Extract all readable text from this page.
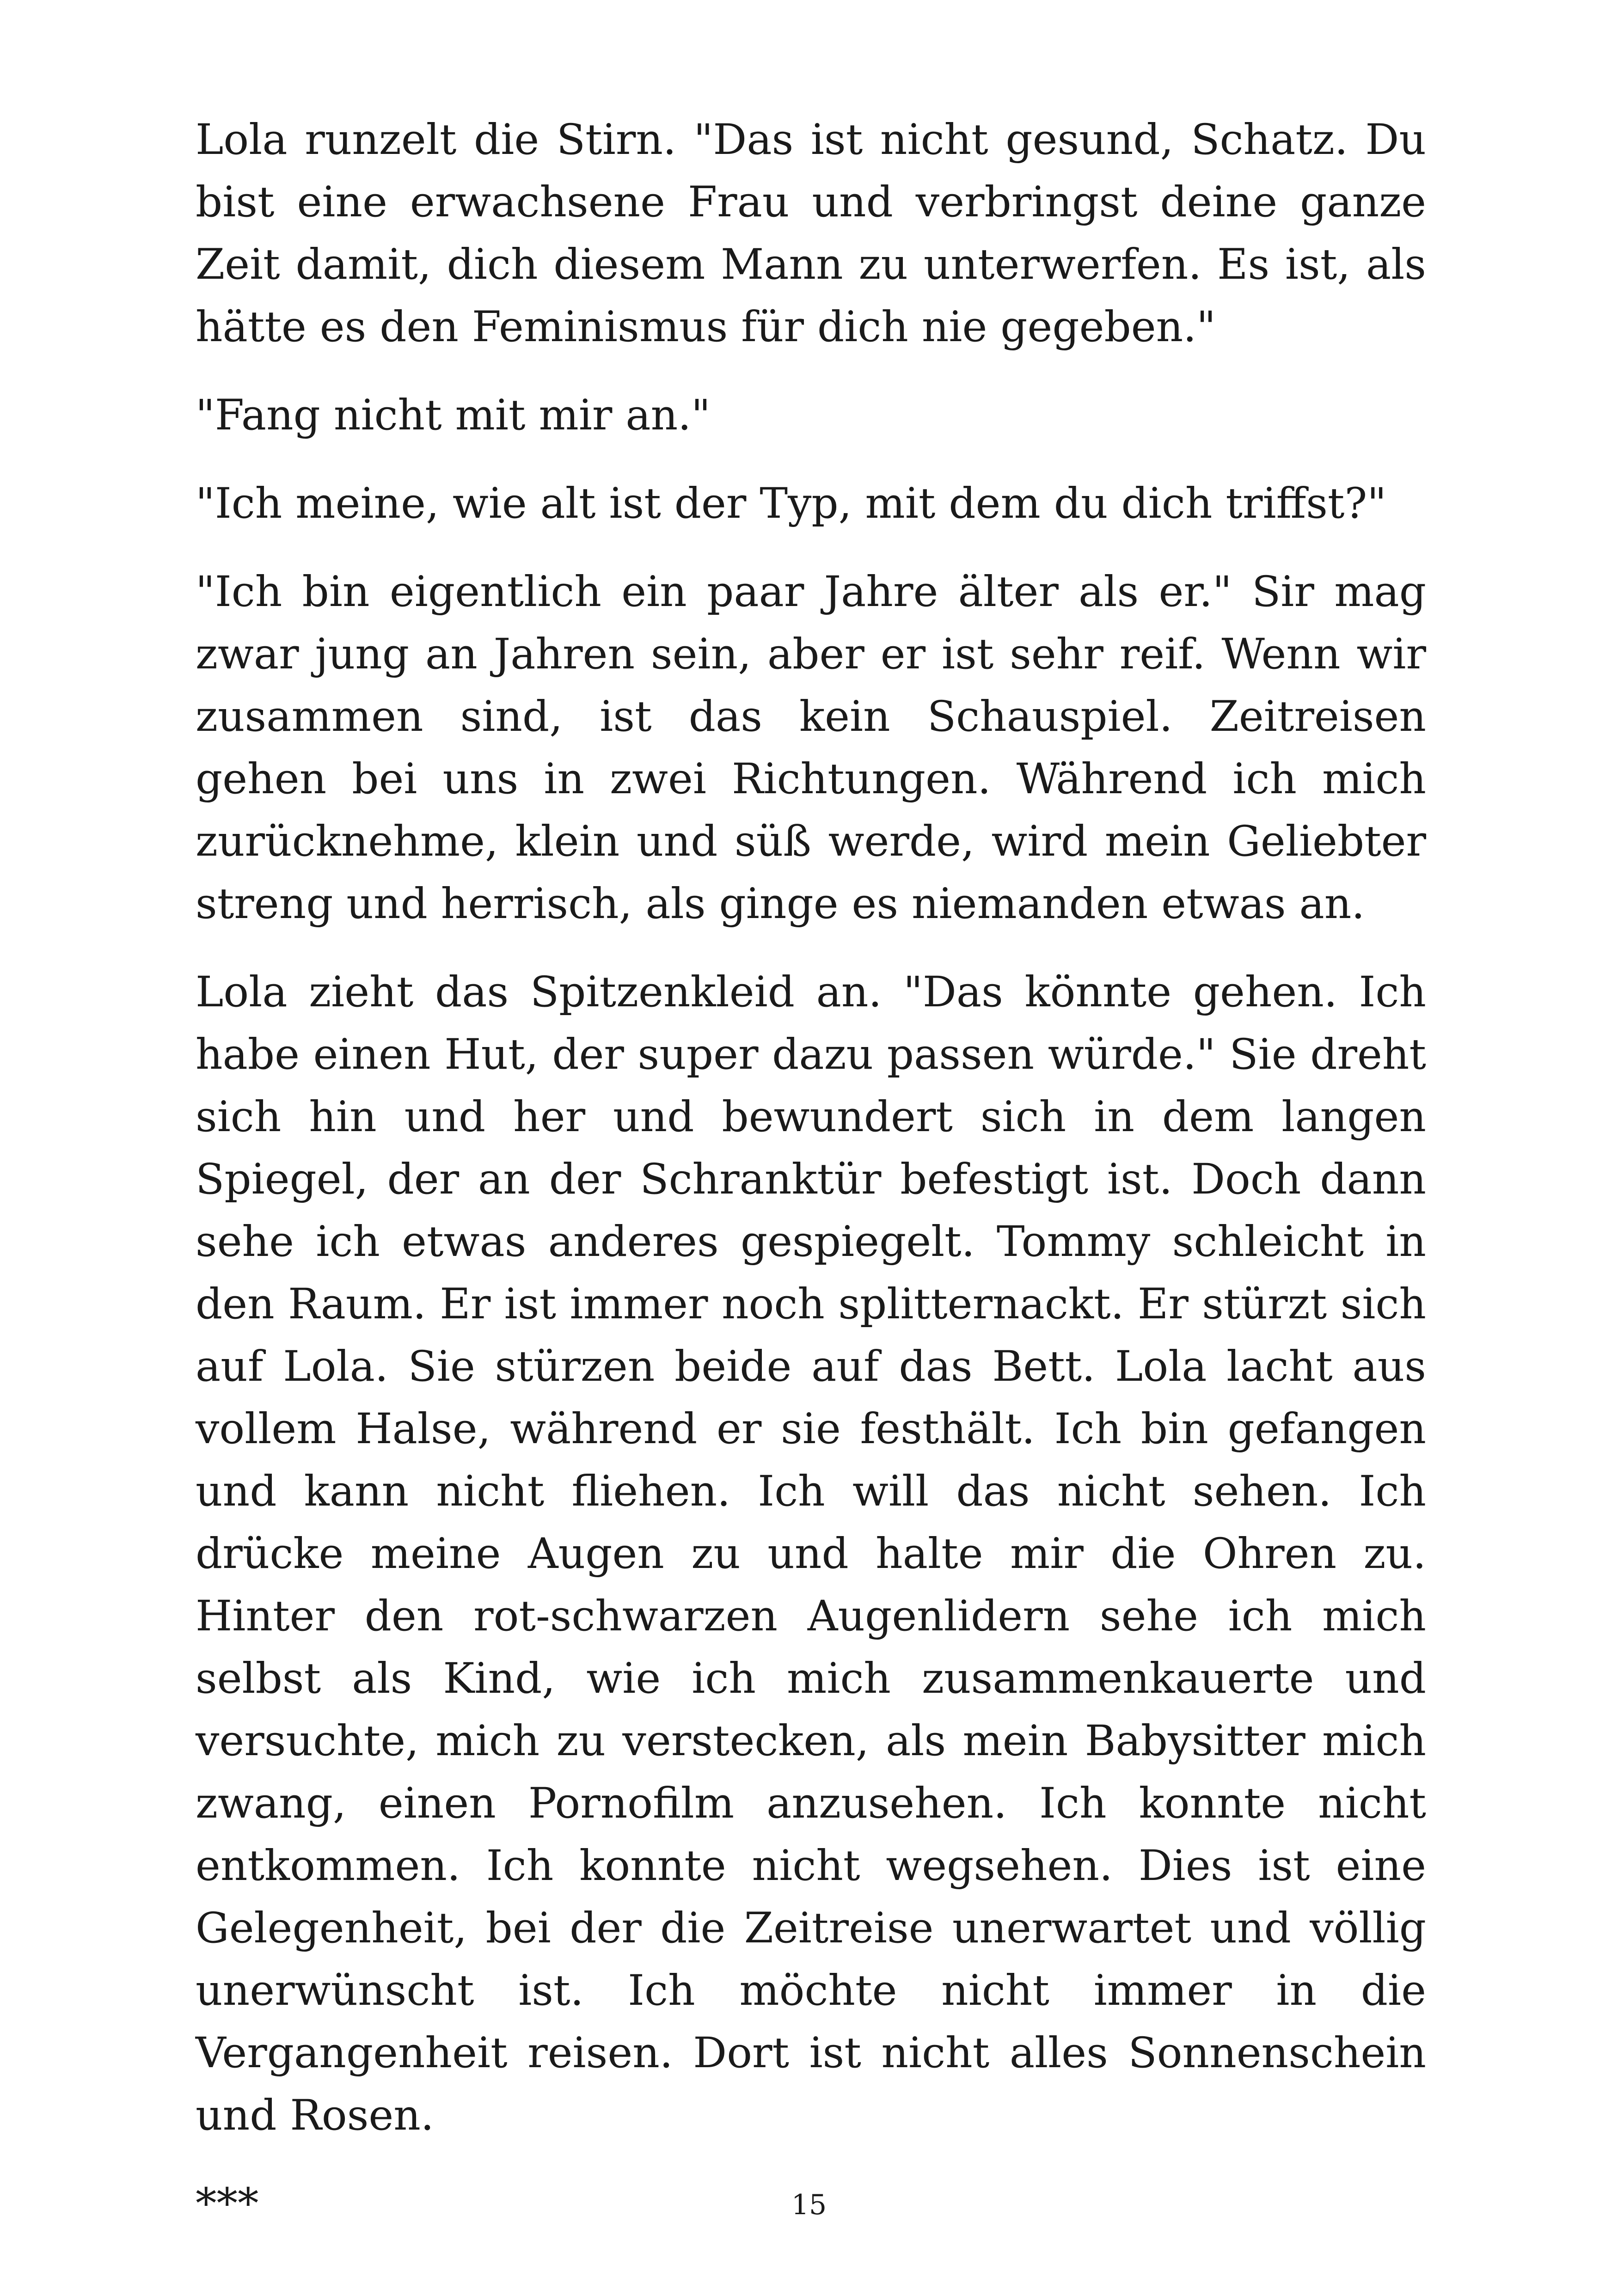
Lola runzelt die Stirn. "Das ist nicht gesund, Schatz. Du bist eine erwachsene Frau und verbringst deine ganze Zeit damit, dich diesem Mann zu unterwerfen. Es ist, als hätte es den Feminismus für dich nie gegeben."

"Fang nicht mit mir an."

"Ich meine, wie alt ist der Typ, mit dem du dich triffst?"

"Ich bin eigentlich ein paar Jahre älter als er." Sir mag zwar jung an Jahren sein, aber er ist sehr reif. Wenn wir zusammen sind, ist das kein Schauspiel. Zeitreisen gehen bei uns in zwei Richtungen. Während ich mich zurücknehme, klein und süß werde, wird mein Geliebter streng und herrisch, als ginge es niemanden etwas an.

Lola zieht das Spitzenkleid an. "Das könnte gehen. Ich habe einen Hut, der super dazu passen würde." Sie dreht sich hin und her und bewundert sich in dem langen Spiegel, der an der Schranktür befestigt ist. Doch dann sehe ich etwas anderes gespiegelt. Tommy schleicht in den Raum. Er ist immer noch splitternackt. Er stürzt sich auf Lola. Sie stürzen beide auf das Bett. Lola lacht aus vollem Halse, während er sie festhält. Ich bin gefangen und kann nicht fliehen. Ich will das nicht sehen. Ich drücke meine Augen zu und halte mir die Ohren zu. Hinter den rot-schwarzen Augenlidern sehe ich mich selbst als Kind, wie ich mich zusammenkauerte und versuchte, mich zu verstecken, als mein Babysitter mich zwang, einen Pornofilm anzusehen. Ich konnte nicht entkommen. Ich konnte nicht wegsehen. Dies ist eine Gelegenheit, bei der die Zeitreise unerwartet und völlig unerwünscht ist. Ich möchte nicht immer in die Vergangenheit reisen. Dort ist nicht alles Sonnenschein und Rosen.

***	15
